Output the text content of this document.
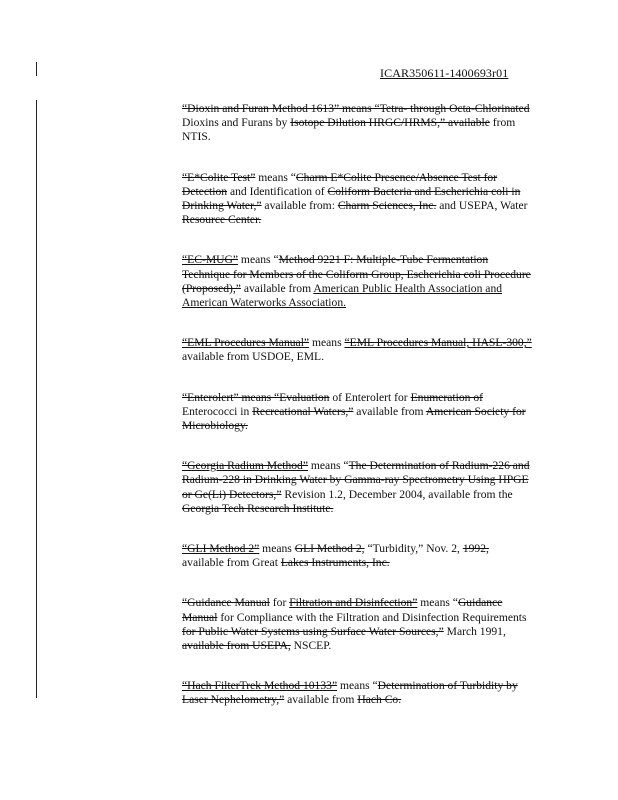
ICAR350611-1400693r01

“Dioxin and Furan Method 1613” means “Tetra- through Octa-Chlorinated Dioxins and Furans by Isotope Dilution HRGC/HRMS,” available from NTIS.

“E*Colite Test” means “Charm E*Colite Presence/Absence Test for Detection and Identification of Coliform Bacteria and Escherichia coli in Drinking Water,” available from: Charm Sciences, Inc. and USEPA, Water Resource Center.

“EC-MUG” means “Method 9221 F: Multiple-Tube Fermentation Technique for Members of the Coliform Group, Escherichia coli Procedure (Proposed),” available from American Public Health Association and American Waterworks Association.

“EML Procedures Manual” means “EML Procedures Manual, HASL-300,” available from USDOE, EML.

“Enterolert” means “Evaluation of Enterolert for Enumeration of Enterococci in Recreational Waters,” available from American Society for Microbiology.

“Georgia Radium Method” means “The Determination of Radium-226 and Radium-228 in Drinking Water by Gamma-ray Spectrometry Using HPGE or Ge(Li) Detectors,” Revision 1.2, December 2004, available from the Georgia Tech Research Institute.

“GLI Method 2” means GLI Method 2, “Turbidity,” Nov. 2, 1992, available from Great Lakes Instruments, Inc.

“Guidance Manual for Filtration and Disinfection” means “Guidance Manual for Compliance with the Filtration and Disinfection Requirements for Public Water Systems using Surface Water Sources,” March 1991, available from USEPA, NSCEP.

“Hach FilterTrek Method 10133” means “Determination of Turbidity by Laser Nephelometry,” available from Hach Co.
